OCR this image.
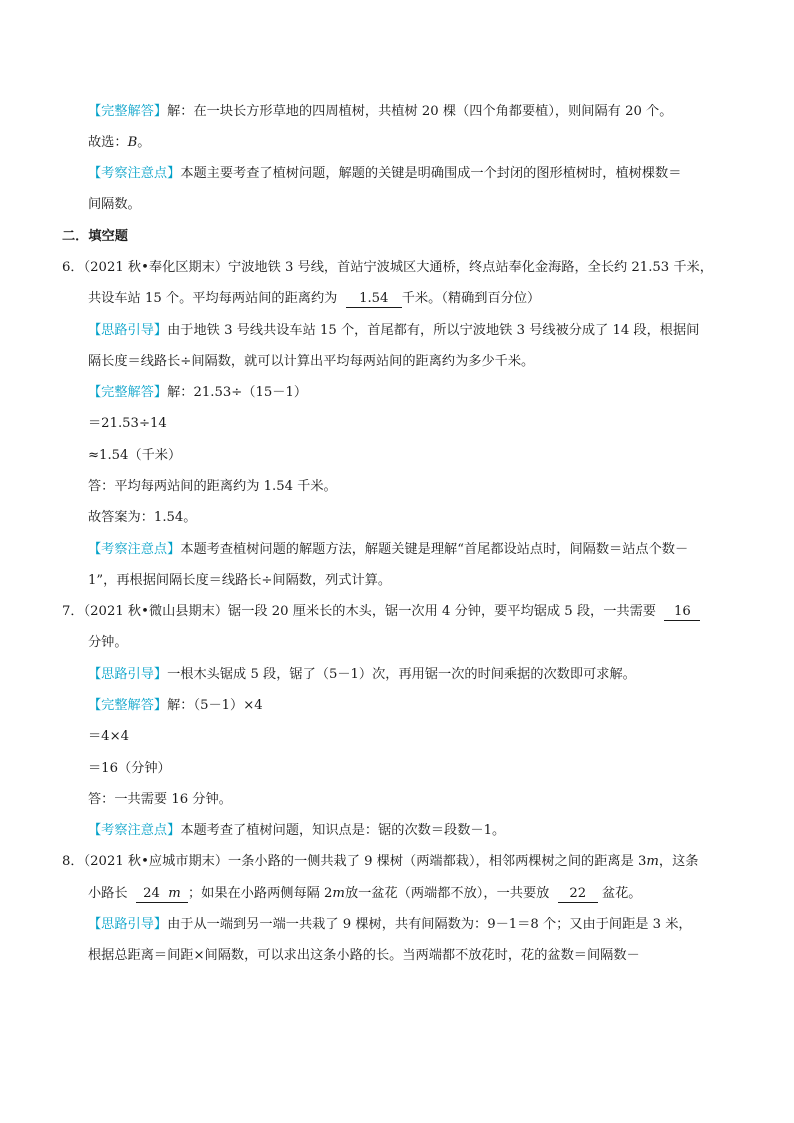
【完整解答】解：在一块长方形草地的四周植树，共植树 20 棵（四个角都要植），则间隔有 20 个。
故选：B。
【考察注意点】本题主要考查了植树问题，解题的关键是明确围成一个封闭的图形植树时，植树棵数＝
间隔数。
二．填空题
6．（2021 秋•奉化区期末）宁波地铁 3 号线，首站宁波城区大通桥，终点站奉化金海路，全长约 21.53 千米，
共设车站 15 个。平均每两站间的距离约为 1.54 千米。（精确到百分位）
【思路引导】由于地铁 3 号线共设车站 15 个，首尾都有，所以宁波地铁 3 号线被分成了 14 段，根据间
隔长度＝线路长÷间隔数，就可以计算出平均每两站间的距离约为多少千米。
【完整解答】解：21.53÷（15－1）
＝21.53÷14
≈1.54（千米）
答：平均每两站间的距离约为 1.54 千米。
故答案为：1.54。
【考察注意点】本题考查植树问题的解题方法，解题关键是理解“首尾都设站点时，间隔数＝站点个数－
1”，再根据间隔长度＝线路长÷间隔数，列式计算。
7．（2021 秋•微山县期末）锯一段 20 厘米长的木头，锯一次用 4 分钟，要平均锯成 5 段，一共需要 16
分钟。
【思路引导】一根木头锯成 5 段，锯了（5－1）次，再用锯一次的时间乘据的次数即可求解。
【完整解答】解：（5－1）×4
＝4×4
＝16（分钟）
答：一共需要 16 分钟。
【考察注意点】本题考查了植树问题，知识点是：锯的次数＝段数－1。
8．（2021 秋•应城市期末）一条小路的一侧共栽了 9 棵树（两端都栽），相邻两棵树之间的距离是 3m，这条
小路长 24 m ；如果在小路两侧每隔 2m放一盆花（两端都不放），一共要放 22 盆花。
【思路引导】由于从一端到另一端一共栽了 9 棵树，共有间隔数为：9－1＝8 个；又由于间距是 3 米，
根据总距离＝间距×间隔数，可以求出这条小路的长。当两端都不放花时，花的盆数＝间隔数－
